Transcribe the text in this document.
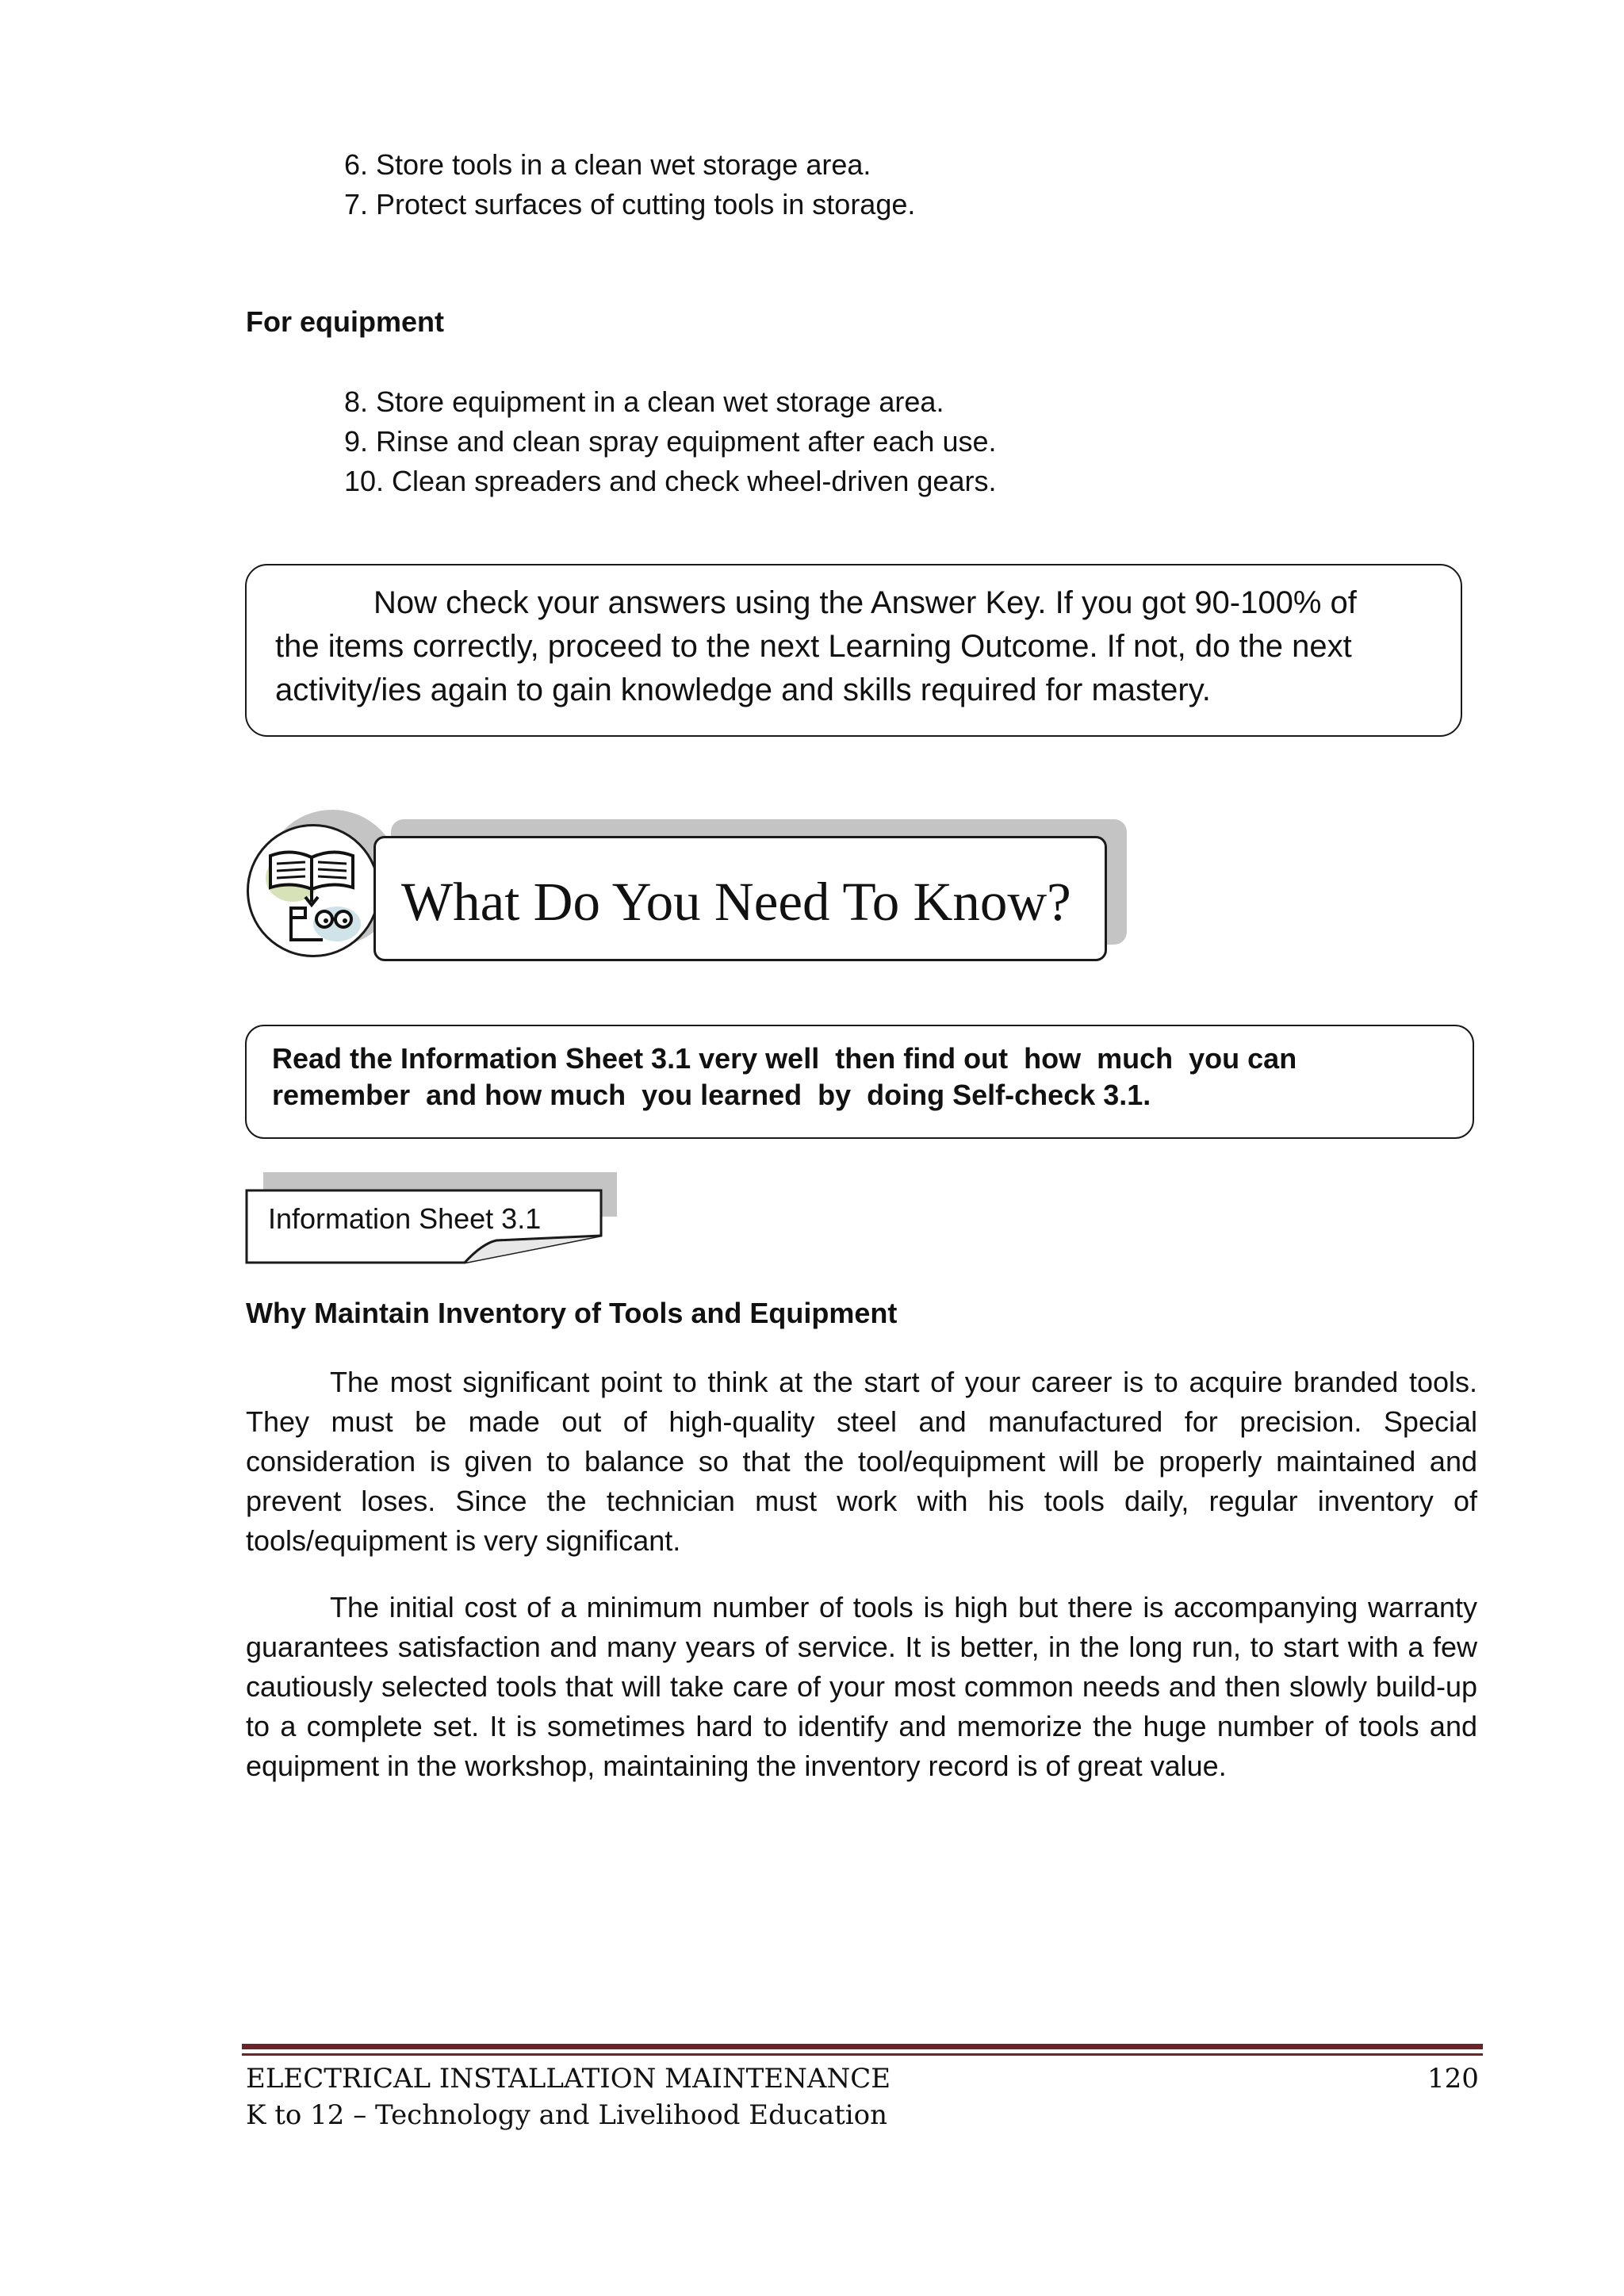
6. Store tools in a clean wet storage area.
7. Protect surfaces of cutting tools in storage.
For equipment
8. Store equipment in a clean wet storage area.
9. Rinse and clean spray equipment after each use.
10. Clean spreaders and check wheel-driven gears.
Now check your answers using the Answer Key. If you got 90-100% of
the items correctly, proceed to the next Learning Outcome. If not, do the next
activity/ies again to gain knowledge and skills required for mastery.
What Do You Need To Know?
Read the Information Sheet 3.1 very well  then find out  how  much  you can
remember  and how much  you learned  by  doing Self-check 3.1.
Information Sheet 3.1
Why Maintain Inventory of Tools and Equipment
The most significant point to think at the start of your career is to acquire branded tools. They must be made out of high-quality steel and manufactured for precision. Special consideration is given to balance so that the tool/equipment will be properly maintained and prevent loses. Since the technician must work with his tools daily, regular inventory of tools/equipment is very significant.
The initial cost of a minimum number of tools is high but there is accompanying warranty guarantees satisfaction and many years of service. It is better, in the long run, to start with a few cautiously selected tools that will take care of your most common needs and then slowly build-up to a complete set. It is sometimes hard to identify and memorize the huge number of tools and equipment in the workshop, maintaining the inventory record is of great value.
ELECTRICAL INSTALLATION MAINTENANCE
K to 12 – Technology and Livelihood Education
120
